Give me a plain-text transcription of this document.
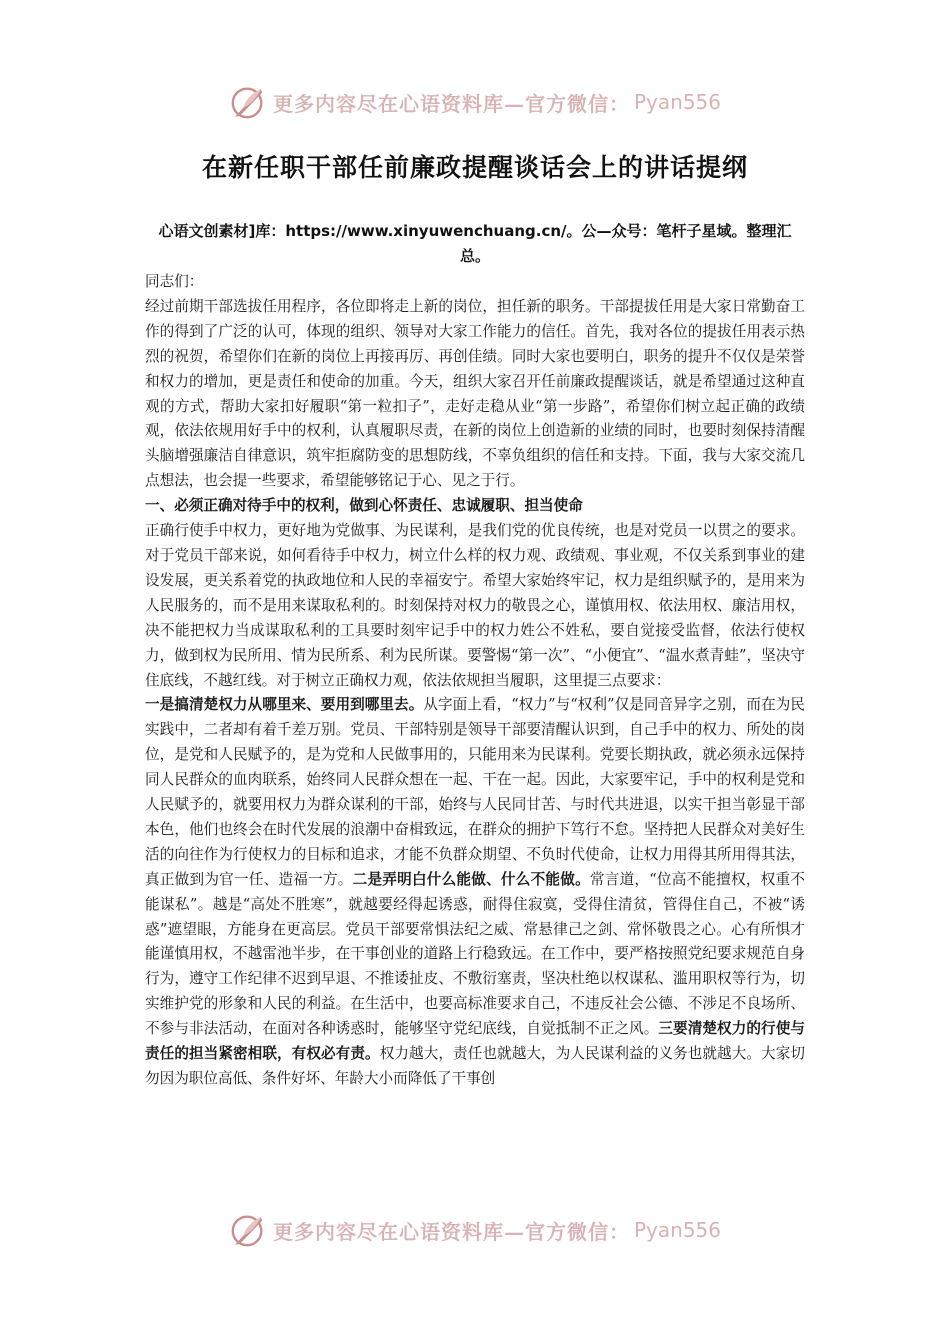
更多内容尽在心语资料库—官方微信： Pyan556
在新任职干部任前廉政提醒谈话会上的讲话提纲
心语文创素材]库：https://www.xinyuwenchuang.cn/。公—众号：笔杆子星域。整理汇总。

同志们：

经过前期干部选拔任用程序，各位即将走上新的岗位，担任新的职务。干部提拔任用是大家日常勤奋工作的得到了广泛的认可，体现的组织、领导对大家工作能力的信任。首先，我对各位的提拔任用表示热烈的祝贺，希望你们在新的岗位上再接再厉、再创佳绩。同时大家也要明白，职务的提升不仅仅是荣誉和权力的增加，更是责任和使命的加重。今天，组织大家召开任前廉政提醒谈话，就是希望通过这种直观的方式，帮助大家扣好履职“第一粒扣子”，走好走稳从业“第一步路”，希望你们树立起正确的政绩观，依法依规用好手中的权利，认真履职尽责，在新的岗位上创造新的业绩的同时，也要时刻保持清醒头脑增强廉洁自律意识，筑牢拒腐防变的思想防线，不辜负组织的信任和支持。下面，我与大家交流几点想法，也会提一些要求，希望能够铭记于心、见之于行。

一、必须正确对待手中的权利，做到心怀责任、忠诚履职、担当使命

正确行使手中权力，更好地为党做事、为民谋利，是我们党的优良传统，也是对党员一以贯之的要求。对于党员干部来说，如何看待手中权力，树立什么样的权力观、政绩观、事业观，不仅关系到事业的建设发展，更关系着党的执政地位和人民的幸福安宁。希望大家始终牢记，权力是组织赋予的，是用来为人民服务的，而不是用来谋取私利的。时刻保持对权力的敬畏之心，谨慎用权、依法用权、廉洁用权，决不能把权力当成谋取私利的工具要时刻牢记手中的权力姓公不姓私，要自觉接受监督，依法行使权力，做到权为民所用、情为民所系、利为民所谋。要警惕“第一次”、“小便宜”、“温水煮青蛙”，坚决守住底线，不越红线。对于树立正确权力观，依法依规担当履职，这里提三点要求：

一是搞清楚权力从哪里来、要用到哪里去。从字面上看，“权力”与“权利”仅是同音异字之别，而在为民实践中，二者却有着千差万别。党员、干部特别是领导干部要清醒认识到，自己手中的权力、所处的岗位，是党和人民赋予的，是为党和人民做事用的，只能用来为民谋利。党要长期执政，就必须永远保持同人民群众的血肉联系，始终同人民群众想在一起、干在一起。因此，大家要牢记，手中的权利是党和人民赋予的，就要用权力为群众谋利的干部，始终与人民同甘苦、与时代共进退，以实干担当彰显干部本色，他们也终会在时代发展的浪潮中奋楫致远，在群众的拥护下笃行不怠。坚持把人民群众对美好生活的向往作为行使权力的目标和追求，才能不负群众期望、不负时代使命，让权力用得其所用得其法，真正做到为官一任、造福一方。二是弄明白什么能做、什么不能做。常言道，“位高不能擅权，权重不能谋私”。越是“高处不胜寒”，就越要经得起诱惑，耐得住寂寞，受得住清贫，管得住自己，不被“诱惑”遮望眼，方能身在更高层。党员干部要常惧法纪之威、常悬律己之剑、常怀敬畏之心。心有所惧才能谨慎用权，不越雷池半步，在干事创业的道路上行稳致远。在工作中，要严格按照党纪要求规范自身行为，遵守工作纪律不迟到早退、不推诿扯皮、不敷衍塞责，坚决杜绝以权谋私、滥用职权等行为，切实维护党的形象和人民的利益。在生活中，也要高标准要求自己，不违反社会公德、不涉足不良场所、不参与非法活动，在面对各种诱惑时，能够坚守党纪底线，自觉抵制不正之风。三要清楚权力的行使与责任的担当紧密相联，有权必有责。权力越大，责任也就越大，为人民谋利益的义务也就越大。大家切勿因为职位高低、条件好坏、年龄大小而降低了干事创

更多内容尽在心语资料库—官方微信： Pyan556
